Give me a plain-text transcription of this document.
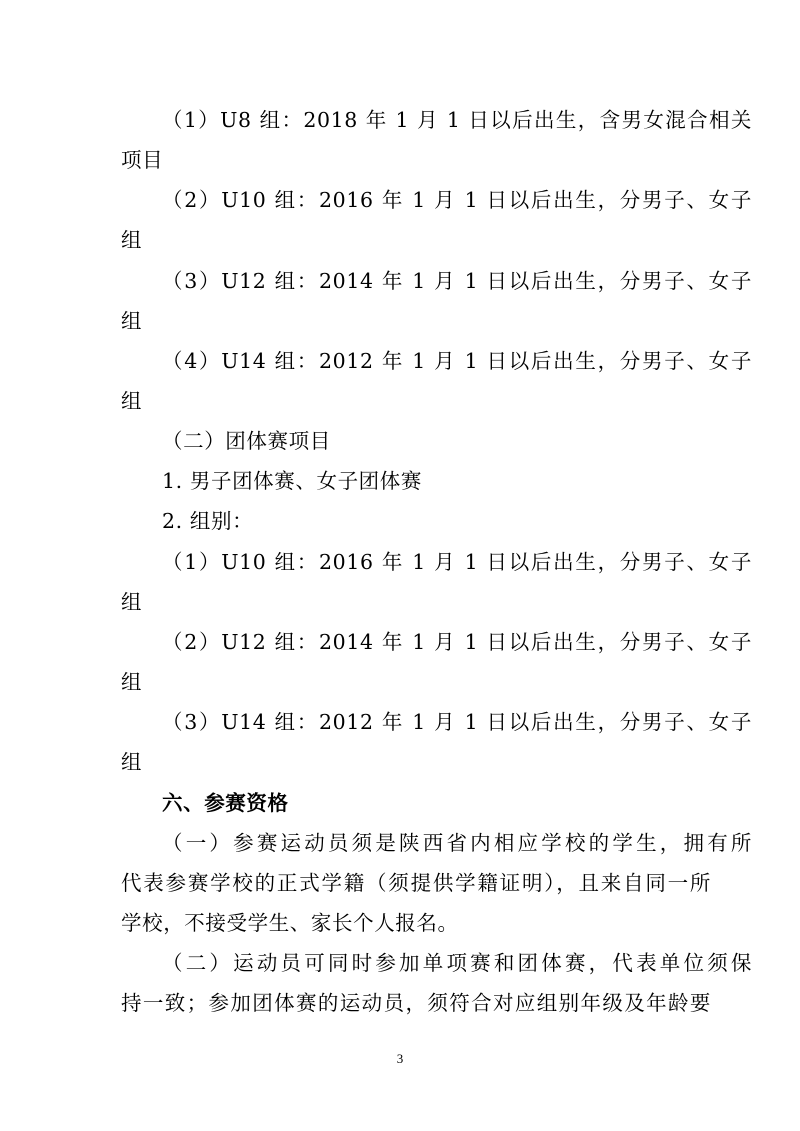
（1）U8 组：2018 年 1 月 1 日以后出生，含男女混合相关
项目
（2）U10 组：2016 年 1 月 1 日以后出生，分男子、女子
组
（3）U12 组：2014 年 1 月 1 日以后出生，分男子、女子
组
（4）U14 组：2012 年 1 月 1 日以后出生，分男子、女子
组
（二）团体赛项目
1. 男子团体赛、女子团体赛
2. 组别：
（1）U10 组：2016 年 1 月 1 日以后出生，分男子、女子
组
（2）U12 组：2014 年 1 月 1 日以后出生，分男子、女子
组
（3）U14 组：2012 年 1 月 1 日以后出生，分男子、女子
组
六、参赛资格
（一）参赛运动员须是陕西省内相应学校的学生，拥有所
代表参赛学校的正式学籍（须提供学籍证明），且来自同一所
学校，不接受学生、家长个人报名。
（二）运动员可同时参加单项赛和团体赛，代表单位须保
持一致；参加团体赛的运动员，须符合对应组别年级及年龄要
3
